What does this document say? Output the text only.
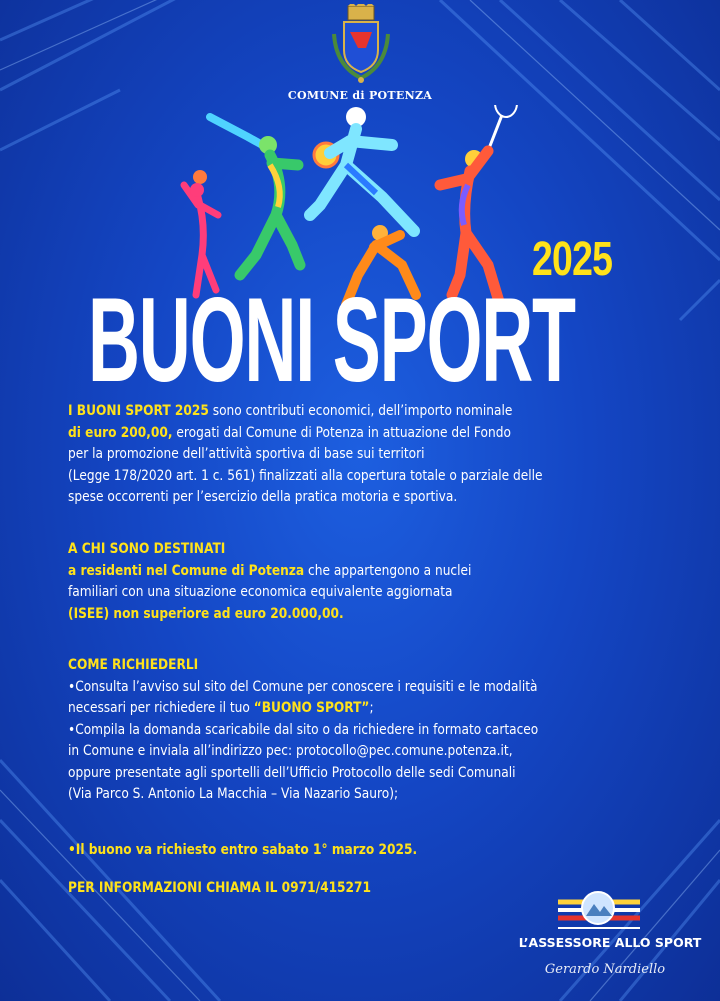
COMUNE di POTENZA
2025
BUONI SPORT

I BUONI SPORT 2025 sono contributi economici, dell’importo nominale

di euro 200,00, erogati dal Comune di Potenza in attuazione del Fondo

per la promozione dell’attività sportiva di base sui territori

(Legge 178/2020 art. 1 c. 561) finalizzati alla copertura totale o parziale delle

spese occorrenti per l’esercizio della pratica motoria e sportiva.

A CHI SONO DESTINATI

a residenti nel Comune di Potenza che appartengono a nuclei

familiari con una situazione economica equivalente aggiornata

(ISEE) non superiore ad euro 20.000,00.

COME RICHIEDERLI

•Consulta l’avviso sul sito del Comune per conoscere i requisiti e le modalità

necessari per richiedere il tuo “BUONO SPORT”;

•Compila la domanda scaricabile dal sito o da richiedere in formato cartaceo

in Comune e inviala all’indirizzo pec: protocollo@pec.comune.potenza.it,

oppure presentate agli sportelli dell’Ufficio Protocollo delle sedi Comunali

(Via Parco S. Antonio La Macchia – Via Nazario Sauro);

•Il buono va richiesto entro sabato 1° marzo 2025.

PER INFORMAZIONI CHIAMA IL 0971/415271

L’ASSESSORE ALLO SPORT
Gerardo Nardiello
